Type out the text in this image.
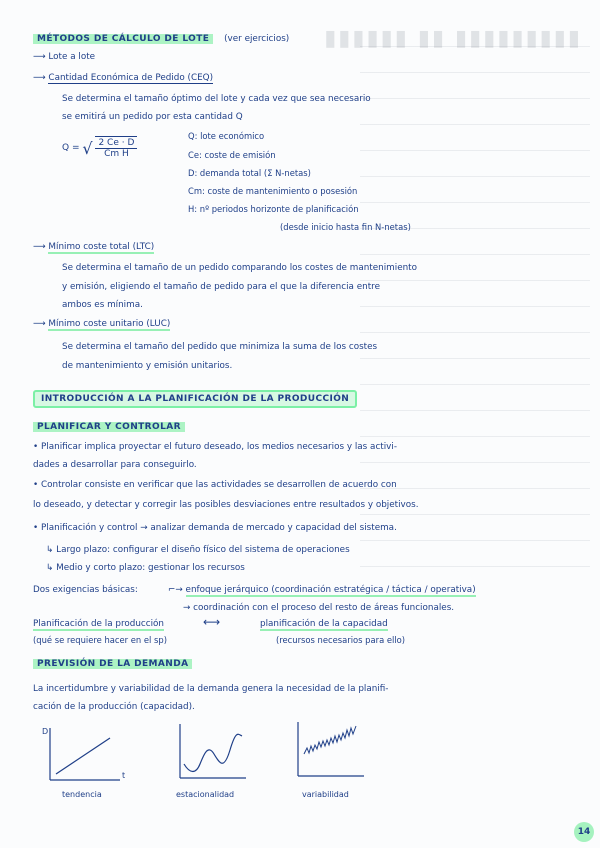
▮▮▮▮▮▮ ▮▮ ▮▮▮▮▮▮▮▮▮
MÉTODOS DE CÁLCULO DE LOTE (ver ejercicios)
⟶ Lote a lote
⟶ Cantidad Económica de Pedido (CEQ)
Se determina el tamaño óptimo del lote y cada vez que sea necesario
se emitirá un pedido por esta cantidad Q
Q = √ $\frac{2 Ce \cdot D}{\text{Cm H}}$	Q: lote económico
Ce: coste de emisión
D: demanda total (Σ N-netas)
Cm: coste de mantenimiento o posesión
H: nº periodos horizonte de planificación
(desde inicio hasta fin N-netas)
⟶ Mínimo coste total (LTC)
Se determina el tamaño de un pedido comparando los costes de mantenimiento
y emisión, eligiendo el tamaño de pedido para el que la diferencia entre
ambos es mínima.
⟶ Mínimo coste unitario (LUC)
Se determina el tamaño del pedido que minimiza la suma de los costes
de mantenimiento y emisión unitarios.
INTRODUCCIÓN A LA PLANIFICACIÓN DE LA PRODUCCIÓN
PLANIFICAR Y CONTROLAR
• Planificar implica proyectar el futuro deseado, los medios necesarios y las activi-
dades a desarrollar para conseguirlo.
• Controlar consiste en verificar que las actividades se desarrollen de acuerdo con
lo deseado, y detectar y corregir las posibles desviaciones entre resultados y objetivos.
• Planificación y control → analizar demanda de mercado y capacidad del sistema.
↳ Largo plazo: configurar el diseño físico del sistema de operaciones
↳ Medio y corto plazo: gestionar los recursos
Dos exigencias básicas:	⌐→ enfoque jerárquico (coordinación estratégica / táctica / operativa)
→ coordinación con el proceso del resto de áreas funcionales.
Planificación de la producción	⟷	planificación de la capacidad
(qué se requiere hacer en el sp)	(recursos necesarios para ello)
PREVISIÓN DE LA DEMANDA
La incertidumbre y variabilidad de la demanda genera la necesidad de la planifi-
cación de la producción (capacidad).
D
t
tendencia	estacionalidad	variabilidad
14
